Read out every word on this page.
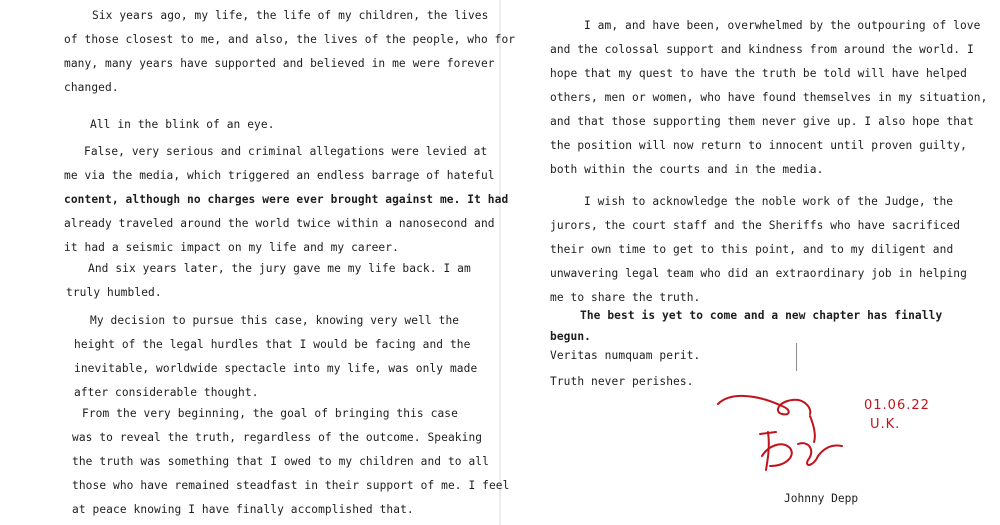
Six years ago, my life, the life of my children, the lives
of those closest to me, and also, the lives of the people, who for
many, many years have supported and believed in me were forever
changed.
All in the blink of an eye.
False, very serious and criminal allegations were levied at
me via the media, which triggered an endless barrage of hateful
content, although no charges were ever brought against me. It had
already traveled around the world twice within a nanosecond and
it had a seismic impact on my life and my career.
And six years later, the jury gave me my life back. I am
truly humbled.
My decision to pursue this case, knowing very well the
height of the legal hurdles that I would be facing and the
inevitable, worldwide spectacle into my life, was only made
after considerable thought.
From the very beginning, the goal of bringing this case
was to reveal the truth, regardless of the outcome. Speaking
the truth was something that I owed to my children and to all
those who have remained steadfast in their support of me. I feel
at peace knowing I have finally accomplished that.
I am, and have been, overwhelmed by the outpouring of love
and the colossal support and kindness from around the world. I
hope that my quest to have the truth be told will have helped
others, men or women, who have found themselves in my situation,
and that those supporting them never give up. I also hope that
the position will now return to innocent until proven guilty,
both within the courts and in the media.
I wish to acknowledge the noble work of the Judge, the
jurors, the court staff and the Sheriffs who have sacrificed
their own time to get to this point, and to my diligent and
unwavering legal team who did an extraordinary job in helping
me to share the truth.
The best is yet to come and a new chapter has finally
begun.
Veritas numquam perit.
Truth never perishes.
01.06.22
U.K.
Johnny Depp
